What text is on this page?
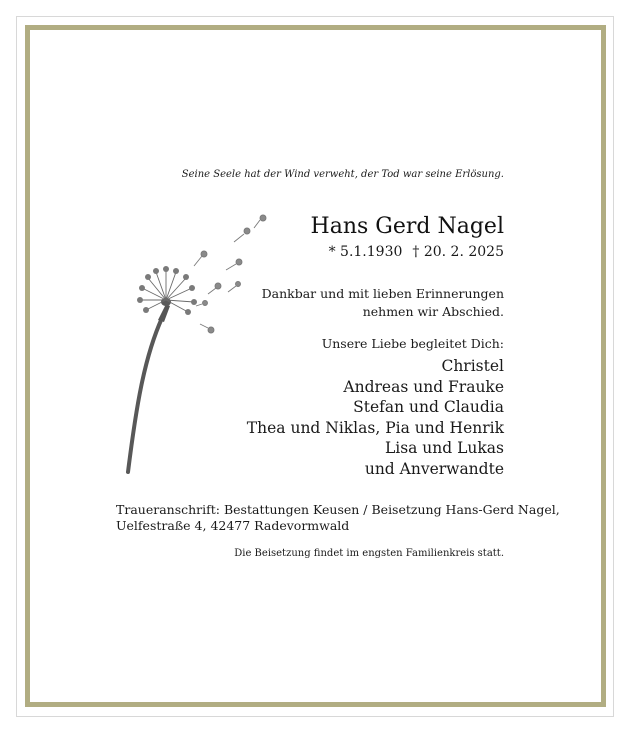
Seine Seele hat der Wind verweht, der Tod war seine Erlösung.
Hans Gerd Nagel
* 5.1.1930 † 20. 2. 2025
Dankbar und mit lieben Erinnerungen
nehmen wir Abschied.
Unsere Liebe begleitet Dich:
Christel
Andreas und Frauke
Stefan und Claudia
Thea und Niklas, Pia und Henrik
Lisa und Lukas
und Anverwandte
Traueranschrift: Bestattungen Keusen / Beisetzung Hans-Gerd Nagel,
Uelfestraße 4, 42477 Radevormwald
Die Beisetzung findet im engsten Familienkreis statt.
